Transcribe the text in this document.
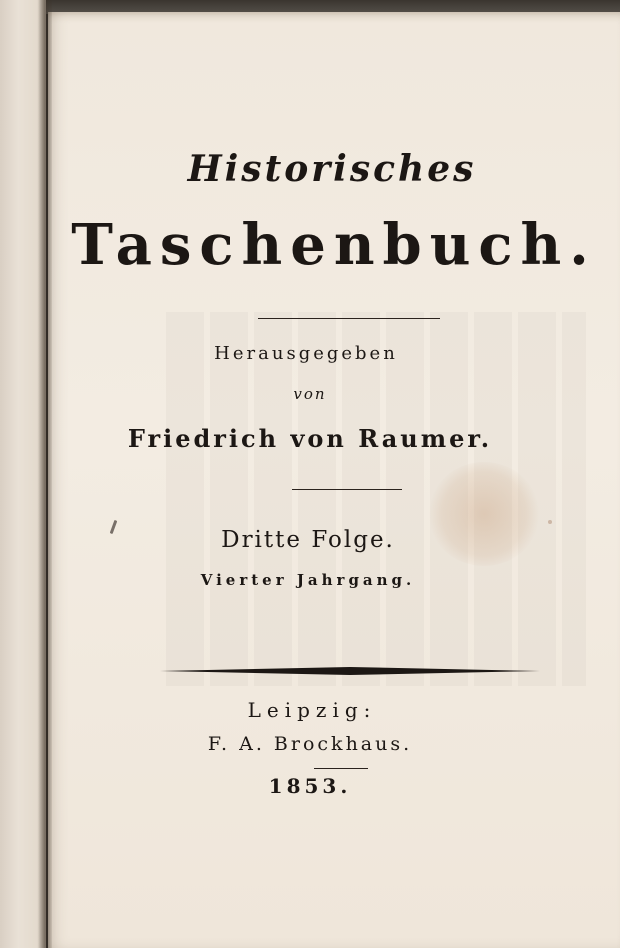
Historisches
Taschenbuch.
Herausgegeben
von
Friedrich von Raumer.
Dritte Folge.
Vierter Jahrgang.
Leipzig:
F. A. Brockhaus.
1853.
